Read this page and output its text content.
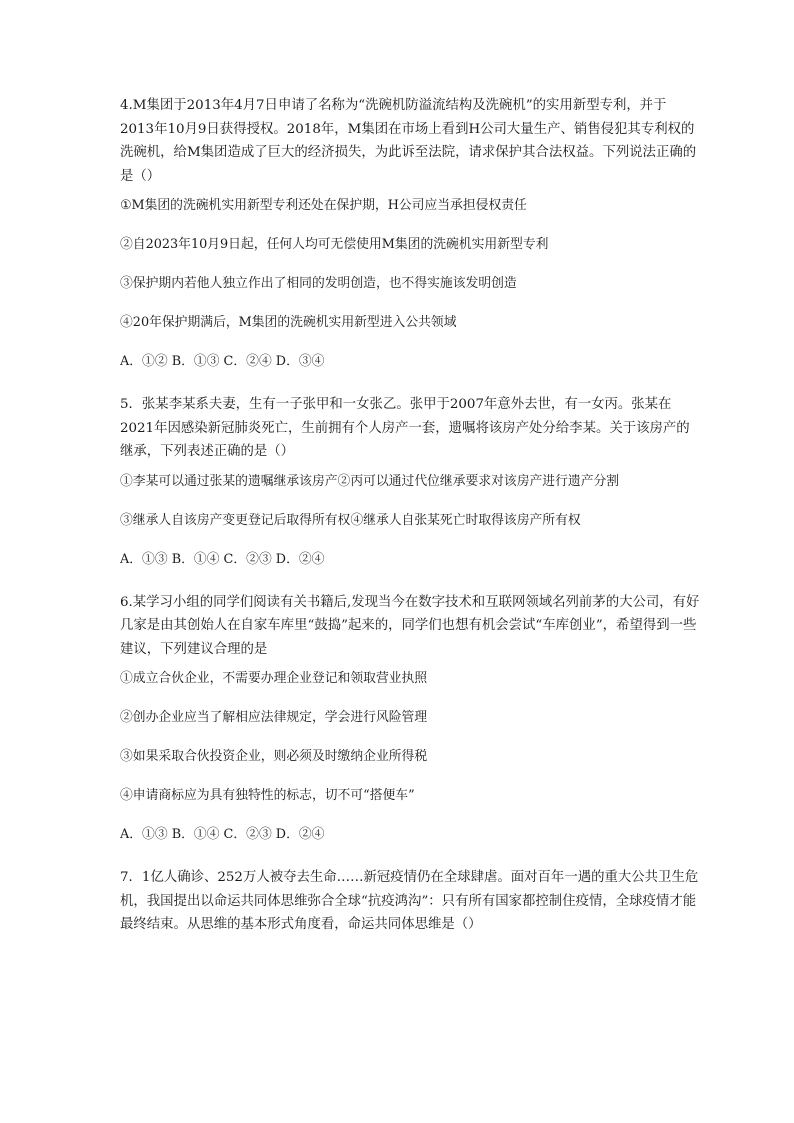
4.M集团于2013年4月7日申请了名称为“洗碗机防溢流结构及洗碗机”的实用新型专利，并于2013年10月9日获得授权。2018年，M集团在市场上看到H公司大量生产、销售侵犯其专利权的洗碗机，给M集团造成了巨大的经济损失，为此诉至法院，请求保护其合法权益。下列说法正确的是（）

①M集团的洗碗机实用新型专利还处在保护期，H公司应当承担侵权责任

②自2023年10月9日起，任何人均可无偿使用M集团的洗碗机实用新型专利

③保护期内若他人独立作出了相同的发明创造，也不得实施该发明创造

④20年保护期满后，M集团的洗碗机实用新型进入公共领域

A．①② B．①③ C．②④ D．③④

5．张某李某系夫妻，生有一子张甲和一女张乙。张甲于2007年意外去世，有一女丙。张某在2021年因感染新冠肺炎死亡，生前拥有个人房产一套，遗嘱将该房产处分给李某。关于该房产的继承，下列表述正确的是（）

①李某可以通过张某的遗嘱继承该房产②丙可以通过代位继承要求对该房产进行遗产分割

③继承人自该房产变更登记后取得所有权④继承人自张某死亡时取得该房产所有权

A．①③ B．①④ C．②③ D．②④

6.某学习小组的同学们阅读有关书籍后,发现当今在数字技术和互联网领域名列前茅的大公司，有好几家是由其创始人在自家车库里“鼓捣”起来的，同学们也想有机会尝试“车库创业”，希望得到一些建议，下列建议合理的是

①成立合伙企业，不需要办理企业登记和领取营业执照

②创办企业应当了解相应法律规定，学会进行风险管理

③如果采取合伙投资企业，则必须及时缴纳企业所得税

④申请商标应为具有独特性的标志，切不可“搭便车”

A．①③ B．①④ C．②③ D．②④

7．1亿人确诊、252万人被夺去生命……新冠疫情仍在全球肆虐。面对百年一遇的重大公共卫生危机，我国提出以命运共同体思维弥合全球“抗疫鸿沟”：只有所有国家都控制住疫情，全球疫情才能最终结束。从思维的基本形式角度看，命运共同体思维是（）
